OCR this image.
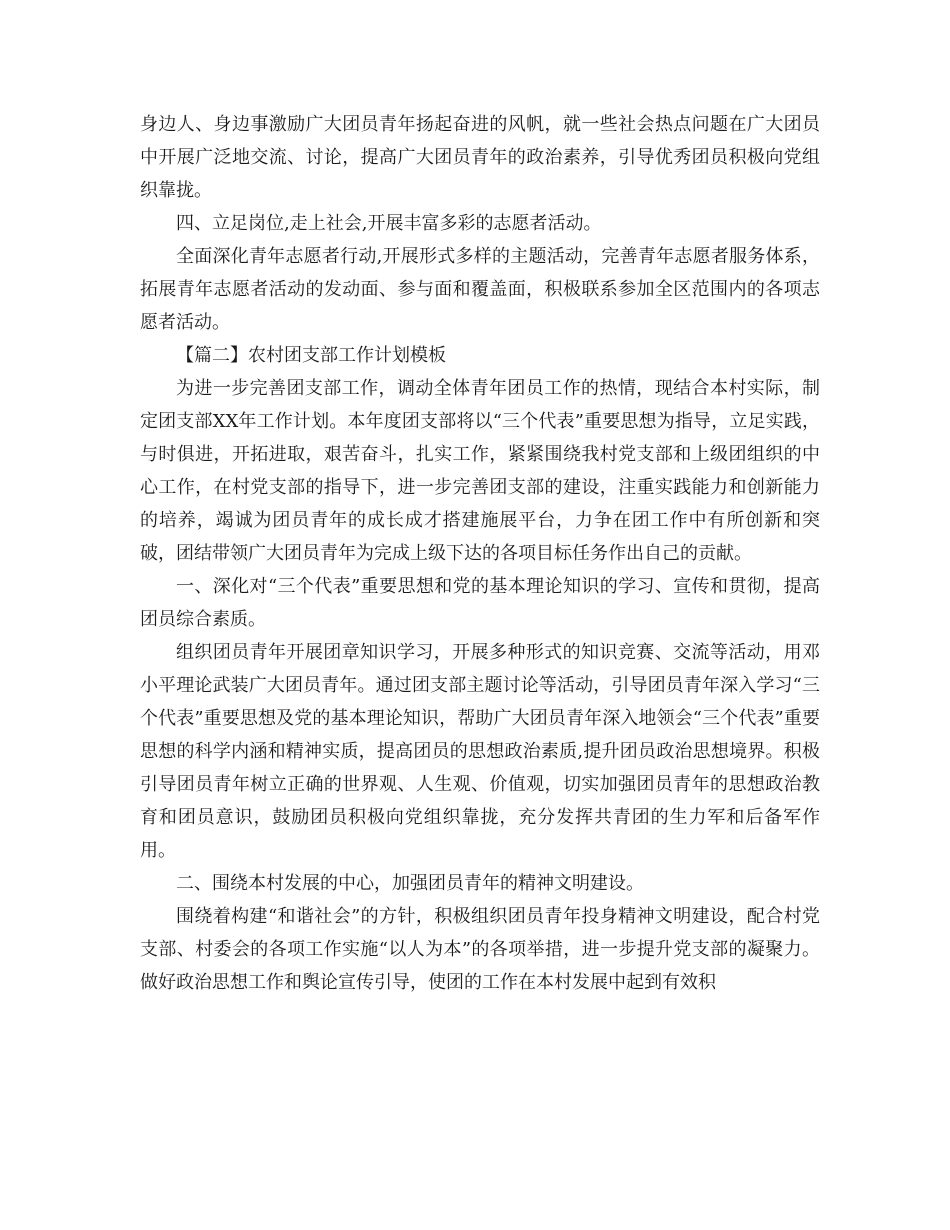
身边人、身边事激励广大团员青年扬起奋进的风帆，就一些社会热点问题在广大团员中开展广泛地交流、讨论，提高广大团员青年的政治素养，引导优秀团员积极向党组织靠拢。

四、立足岗位,走上社会,开展丰富多彩的志愿者活动。

全面深化青年志愿者行动,开展形式多样的主题活动，完善青年志愿者服务体系，拓展青年志愿者活动的发动面、参与面和覆盖面，积极联系参加全区范围内的各项志愿者活动。

【篇二】农村团支部工作计划模板

为进一步完善团支部工作，调动全体青年团员工作的热情，现结合本村实际，制定团支部XX年工作计划。本年度团支部将以“三个代表”重要思想为指导，立足实践，与时俱进，开拓进取，艰苦奋斗，扎实工作，紧紧围绕我村党支部和上级团组织的中心工作，在村党支部的指导下，进一步完善团支部的建设，注重实践能力和创新能力的培养，竭诚为团员青年的成长成才搭建施展平台，力争在团工作中有所创新和突破，团结带领广大团员青年为完成上级下达的各项目标任务作出自己的贡献。

一、深化对“三个代表”重要思想和党的基本理论知识的学习、宣传和贯彻，提高团员综合素质。

组织团员青年开展团章知识学习，开展多种形式的知识竞赛、交流等活动，用邓小平理论武装广大团员青年。通过团支部主题讨论等活动，引导团员青年深入学习“三个代表”重要思想及党的基本理论知识，帮助广大团员青年深入地领会“三个代表”重要思想的科学内涵和精神实质，提高团员的思想政治素质,提升团员政治思想境界。积极引导团员青年树立正确的世界观、人生观、价值观，切实加强团员青年的思想政治教育和团员意识，鼓励团员积极向党组织靠拢，充分发挥共青团的生力军和后备军作用。

二、围绕本村发展的中心，加强团员青年的精神文明建设。

围绕着构建“和谐社会”的方针，积极组织团员青年投身精神文明建设，配合村党支部、村委会的各项工作实施“以人为本”的各项举措，进一步提升党支部的凝聚力。做好政治思想工作和舆论宣传引导，使团的工作在本村发展中起到有效积
